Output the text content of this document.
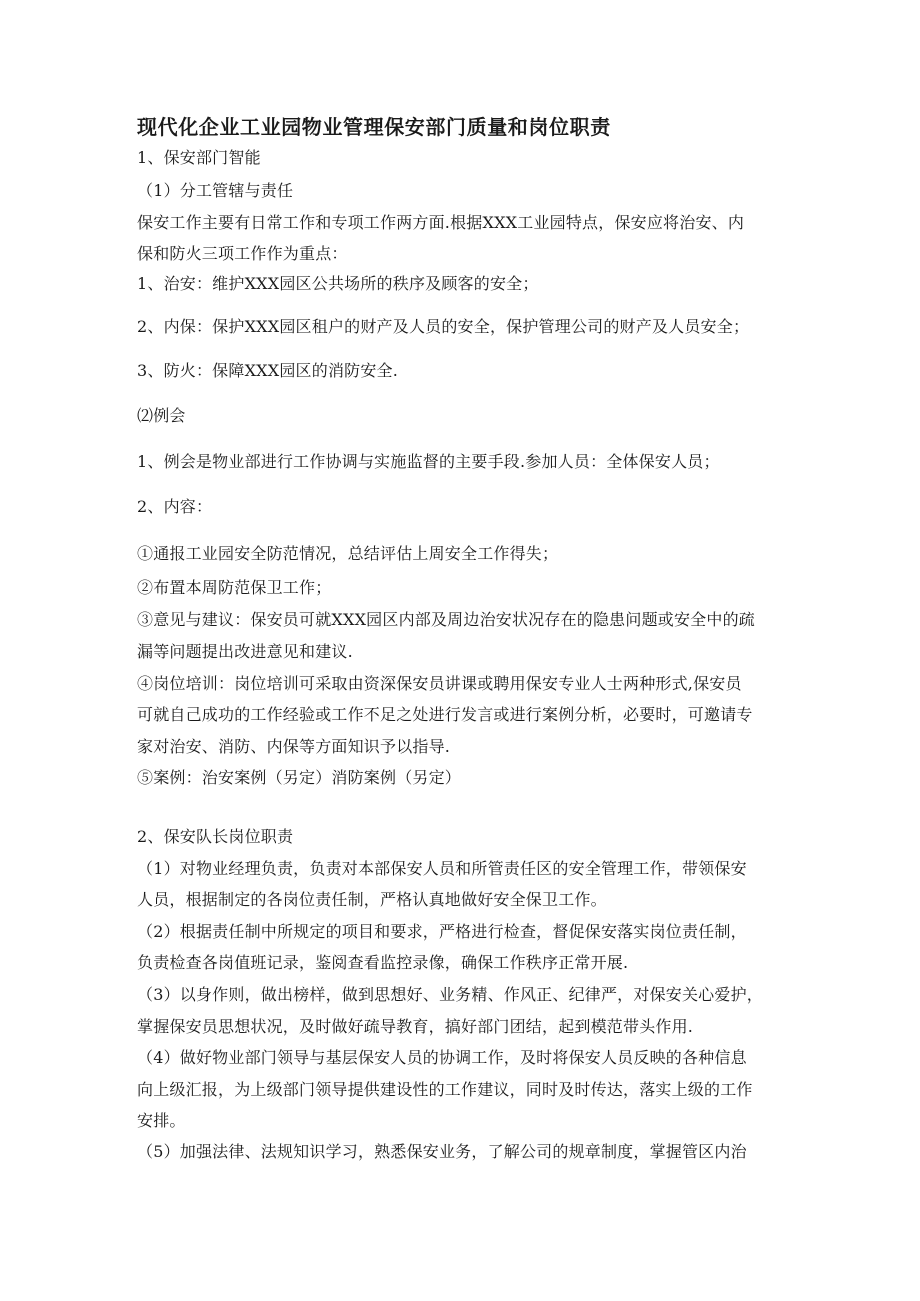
现代化企业工业园物业管理保安部门质量和岗位职责

1、保安部门智能

（1）分工管辖与责任

保安工作主要有日常工作和专项工作两方面.根据XXX工业园特点，保安应将治安、内

保和防火三项工作作为重点：

1、治安：维护XXX园区公共场所的秩序及顾客的安全；

2、内保：保护XXX园区租户的财产及人员的安全，保护管理公司的财产及人员安全；

3、防火：保障XXX园区的消防安全.

⑵例会

1、例会是物业部进行工作协调与实施监督的主要手段.参加人员：全体保安人员；

2、内容：

①通报工业园安全防范情况，总结评估上周安全工作得失；

②布置本周防范保卫工作；

③意见与建议：保安员可就XXX园区内部及周边治安状况存在的隐患问题或安全中的疏

漏等问题提出改进意见和建议.

④岗位培训：岗位培训可采取由资深保安员讲课或聘用保安专业人士两种形式,保安员

可就自己成功的工作经验或工作不足之处进行发言或进行案例分析，必要时，可邀请专

家对治安、消防、内保等方面知识予以指导.

⑤案例：治安案例（另定）消防案例（另定）

2、保安队长岗位职责

（1）对物业经理负责，负责对本部保安人员和所管责任区的安全管理工作，带领保安

人员，根据制定的各岗位责任制，严格认真地做好安全保卫工作。

（2）根据责任制中所规定的项目和要求，严格进行检查，督促保安落实岗位责任制，

负责检查各岗值班记录，鉴阅查看监控录像，确保工作秩序正常开展.

（3）以身作则，做出榜样，做到思想好、业务精、作风正、纪律严，对保安关心爱护，

掌握保安员思想状况，及时做好疏导教育，搞好部门团结，起到模范带头作用.

（4）做好物业部门领导与基层保安人员的协调工作，及时将保安人员反映的各种信息

向上级汇报，为上级部门领导提供建设性的工作建议，同时及时传达，落实上级的工作

安排。

（5）加强法律、法规知识学习，熟悉保安业务，了解公司的规章制度，掌握管区内治
